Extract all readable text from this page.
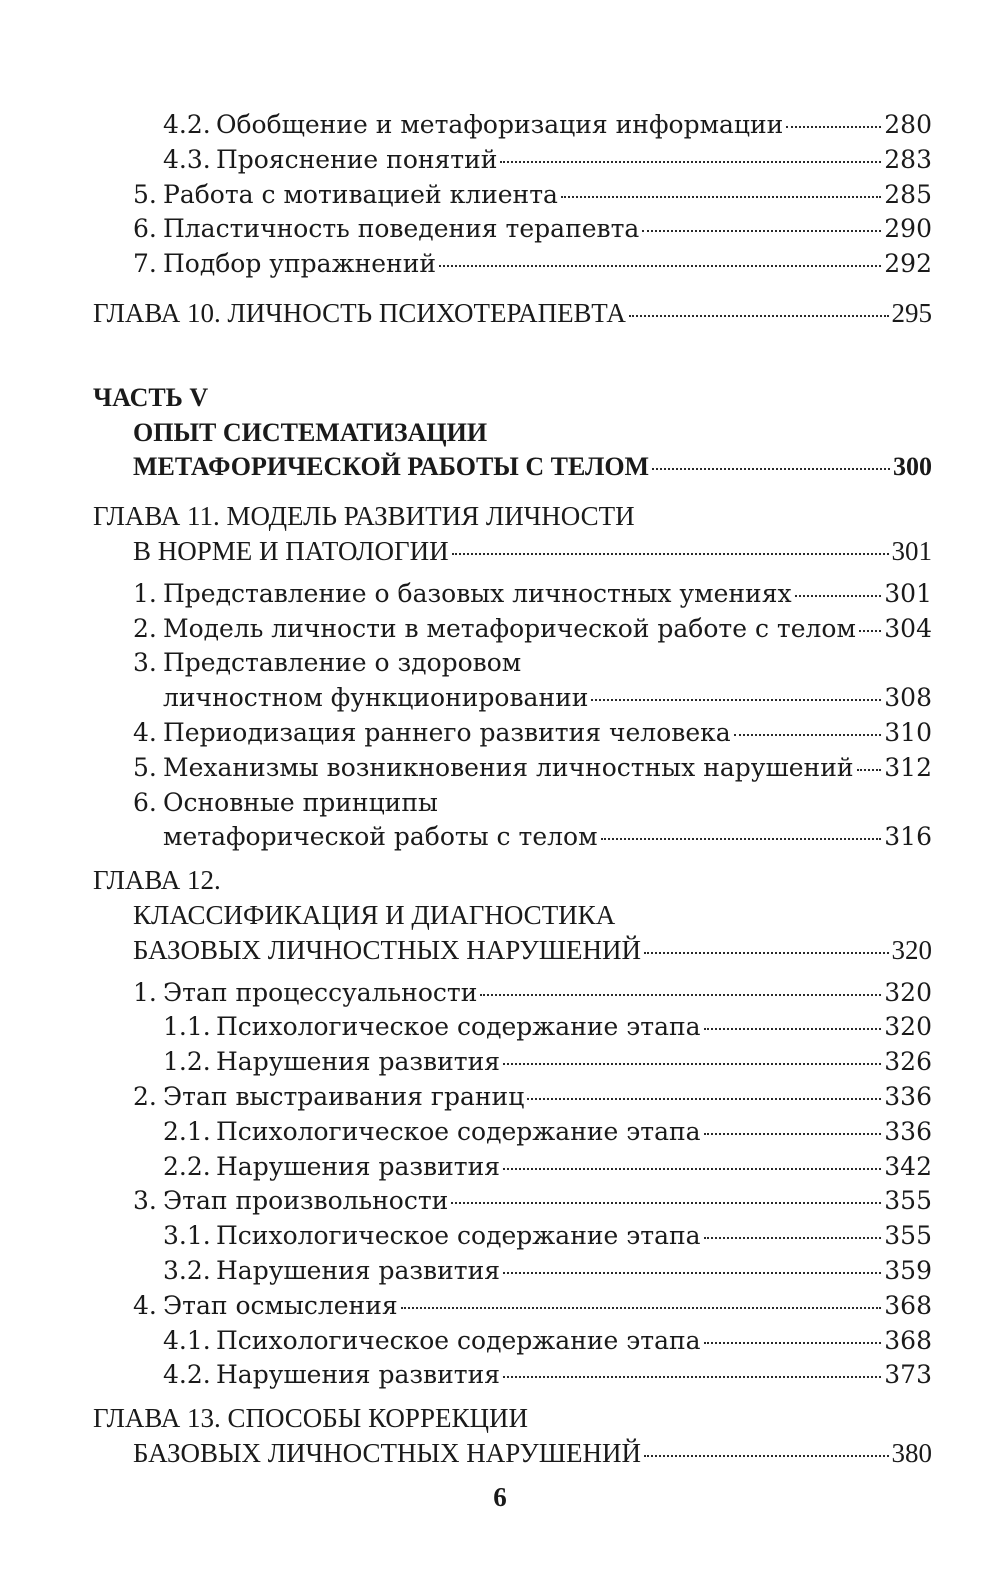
4.2. Обобщение и метафоризация информации	280
4.3. Прояснение понятий	283
5. Работа с мотивацией клиента	285
6. Пластичность поведения терапевта	290
7. Подбор упражнений	292
ГЛАВА 10. ЛИЧНОСТЬ ПСИХОТЕРАПЕВТА	295
ЧАСТЬ V
ОПЫТ СИСТЕМАТИЗАЦИИ
МЕТАФОРИЧЕСКОЙ РАБОТЫ С ТЕЛОМ	300
ГЛАВА 11. МОДЕЛЬ РАЗВИТИЯ ЛИЧНОСТИ
В НОРМЕ И ПАТОЛОГИИ	301
1. Представление о базовых личностных умениях	301
2. Модель личности в метафорической работе с телом 304
3. Представление о здоровом
личностном функционировании	308
4. Периодизация раннего развития человека	310
5. Механизмы возникновения личностных нарушений 312
6. Основные принципы
метафорической работы с телом	316
ГЛАВА 12.
КЛАССИФИКАЦИЯ И ДИАГНОСТИКА
БАЗОВЫХ ЛИЧНОСТНЫХ НАРУШЕНИЙ	320
1. Этап процессуальности	320
1.1. Психологическое содержание этапа	320
1.2. Нарушения развития	326
2. Этап выстраивания границ	336
2.1. Психологическое содержание этапа	336
2.2. Нарушения развития	342
3. Этап произвольности	355
3.1. Психологическое содержание этапа	355
3.2. Нарушения развития	359
4. Этап осмысления	368
4.1. Психологическое содержание этапа	368
4.2. Нарушения развития	373
ГЛАВА 13. СПОСОБЫ КОРРЕКЦИИ
БАЗОВЫХ ЛИЧНОСТНЫХ НАРУШЕНИЙ	380
6
